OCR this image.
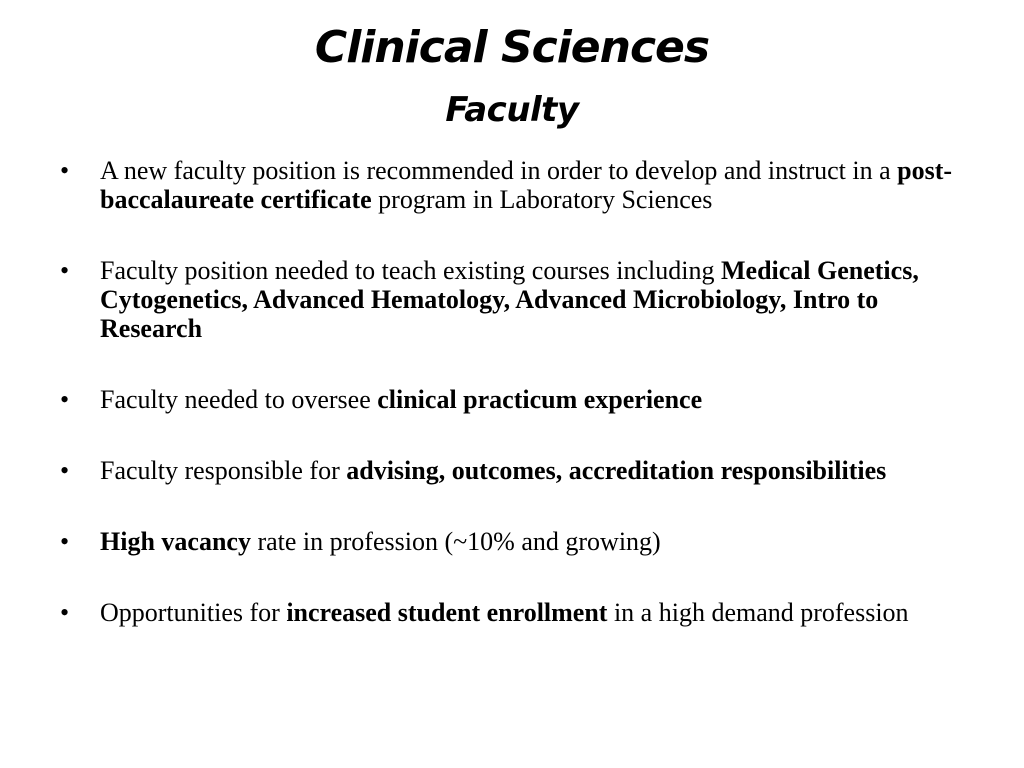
Clinical Sciences
Faculty
•	A new faculty position is recommended in order to develop and instruct in a post-baccalaureate certificate program in Laboratory Sciences
•	Faculty position needed to teach existing courses including Medical Genetics, Cytogenetics, Advanced Hematology, Advanced Microbiology, Intro to Research
•	Faculty needed to oversee clinical practicum experience
•	Faculty responsible for advising, outcomes, accreditation responsibilities
•	High vacancy rate in profession (~10% and growing)
•	Opportunities for increased student enrollment in a high demand profession
